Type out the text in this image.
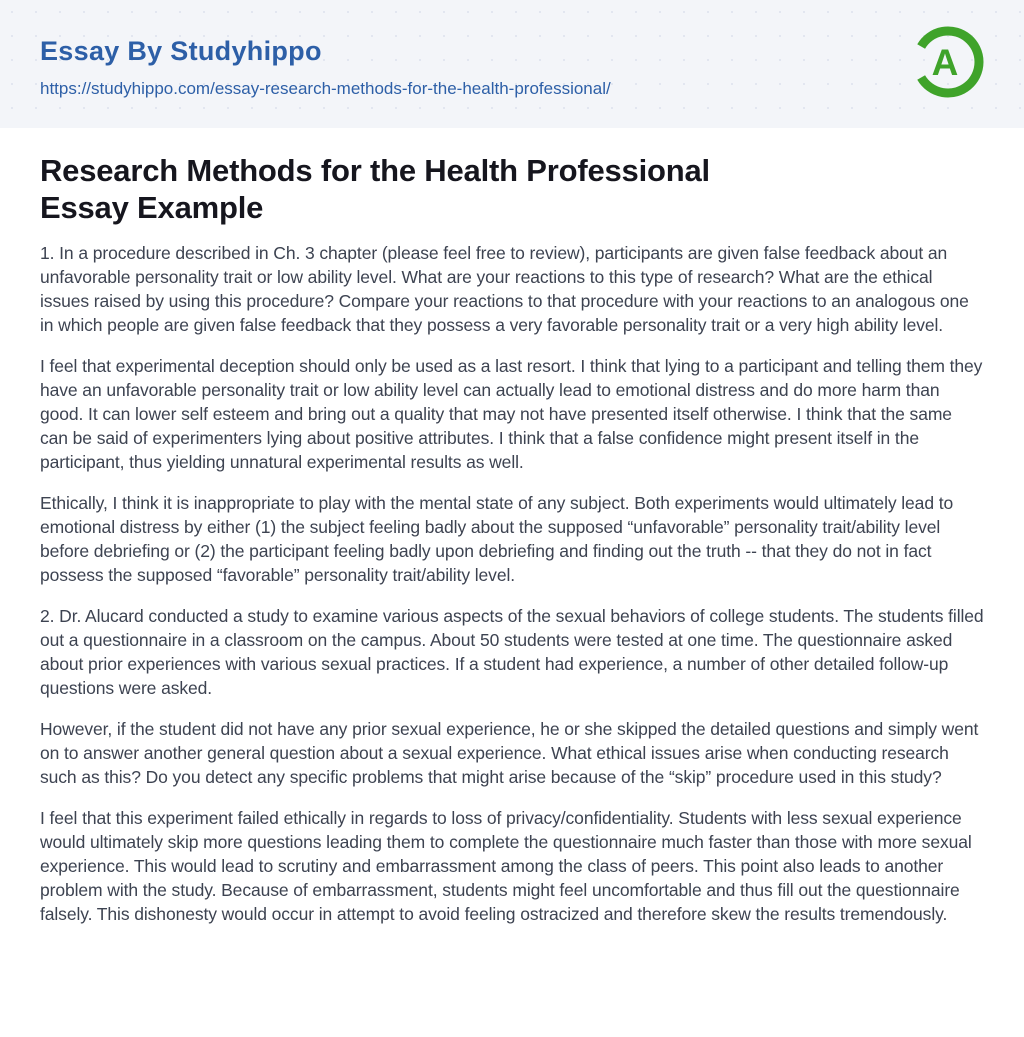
Essay By Studyhippo
https://studyhippo.com/essay-research-methods-for-the-health-professional/
A
Research Methods for the Health Professional
Essay Example

1. In a procedure described in Ch. 3 chapter (please feel free to review), participants are given false feedback about an unfavorable personality trait or low ability level. What are your reactions to this type of research? What are the ethical issues raised by using this procedure? Compare your reactions to that procedure with your reactions to an analogous one in which people are given false feedback that they possess a very favorable personality trait or a very high ability level.

I feel that experimental deception should only be used as a last resort. I think that lying to a participant and telling them they have an unfavorable personality trait or low ability level can actually lead to emotional distress and do more harm than good. It can lower self esteem and bring out a quality that may not have presented itself otherwise. I think that the same can be said of experimenters lying about positive attributes. I think that a false confidence might present itself in the participant, thus yielding unnatural experimental results as well.

Ethically, I think it is inappropriate to play with the mental state of any subject. Both experiments would ultimately lead to emotional distress by either (1) the subject feeling badly about the supposed “unfavorable” personality trait/ability level before debriefing or (2) the participant feeling badly upon debriefing and finding out the truth -- that they do not in fact possess the supposed “favorable” personality trait/ability level.

2. Dr. Alucard conducted a study to examine various aspects of the sexual behaviors of college students. The students filled out a questionnaire in a classroom on the campus. About 50 students were tested at one time. The questionnaire asked about prior experiences with various sexual practices. If a student had experience, a number of other detailed follow-up questions were asked.

However, if the student did not have any prior sexual experience, he or she skipped the detailed questions and simply went on to answer another general question about a sexual experience. What ethical issues arise when conducting research such as this? Do you detect any specific problems that might arise because of the “skip” procedure used in this study?

I feel that this experiment failed ethically in regards to loss of privacy/confidentiality. Students with less sexual experience would ultimately skip more questions leading them to complete the questionnaire much faster than those with more sexual experience. This would lead to scrutiny and embarrassment among the class of peers. This point also leads to another problem with the study. Because of embarrassment, students might feel uncomfortable and thus fill out the questionnaire falsely. This dishonesty would occur in attempt to avoid feeling ostracized and therefore skew the results tremendously.
